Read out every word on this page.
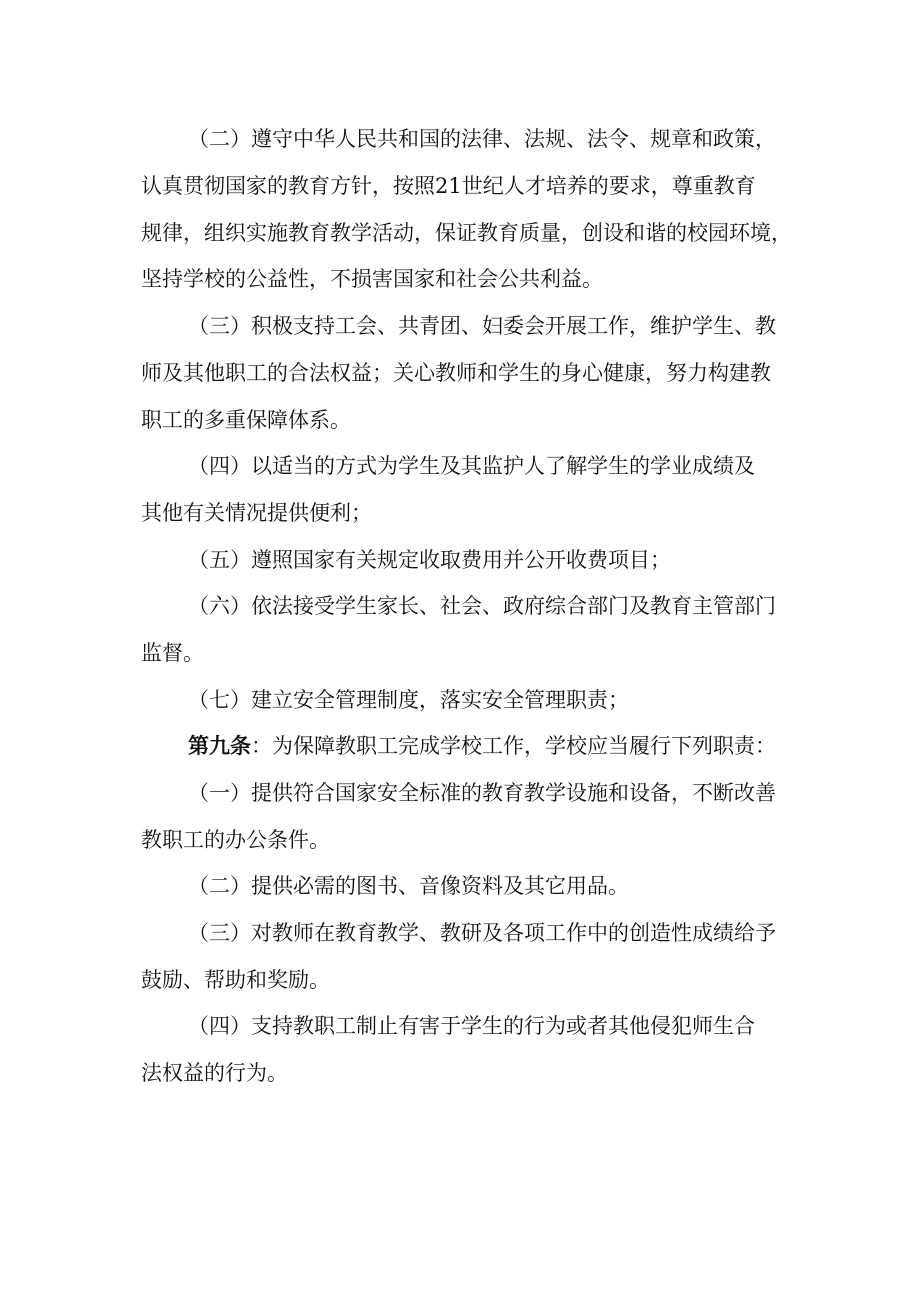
（二）遵守中华人民共和国的法律、法规、法令、规章和政策，
认真贯彻国家的教育方针，按照21世纪人才培养的要求，尊重教育
规律，组织实施教育教学活动，保证教育质量，创设和谐的校园环境，
坚持学校的公益性，不损害国家和社会公共利益。
（三）积极支持工会、共青团、妇委会开展工作，维护学生、教
师及其他职工的合法权益；关心教师和学生的身心健康，努力构建教
职工的多重保障体系。
（四）以适当的方式为学生及其监护人了解学生的学业成绩及
其他有关情况提供便利；
（五）遵照国家有关规定收取费用并公开收费项目；
（六）依法接受学生家长、社会、政府综合部门及教育主管部门
监督。
（七）建立安全管理制度，落实安全管理职责；
第九条：为保障教职工完成学校工作，学校应当履行下列职责：
（一）提供符合国家安全标准的教育教学设施和设备，不断改善
教职工的办公条件。
（二）提供必需的图书、音像资料及其它用品。
（三）对教师在教育教学、教研及各项工作中的创造性成绩给予
鼓励、帮助和奖励。
（四）支持教职工制止有害于学生的行为或者其他侵犯师生合
法权益的行为。
